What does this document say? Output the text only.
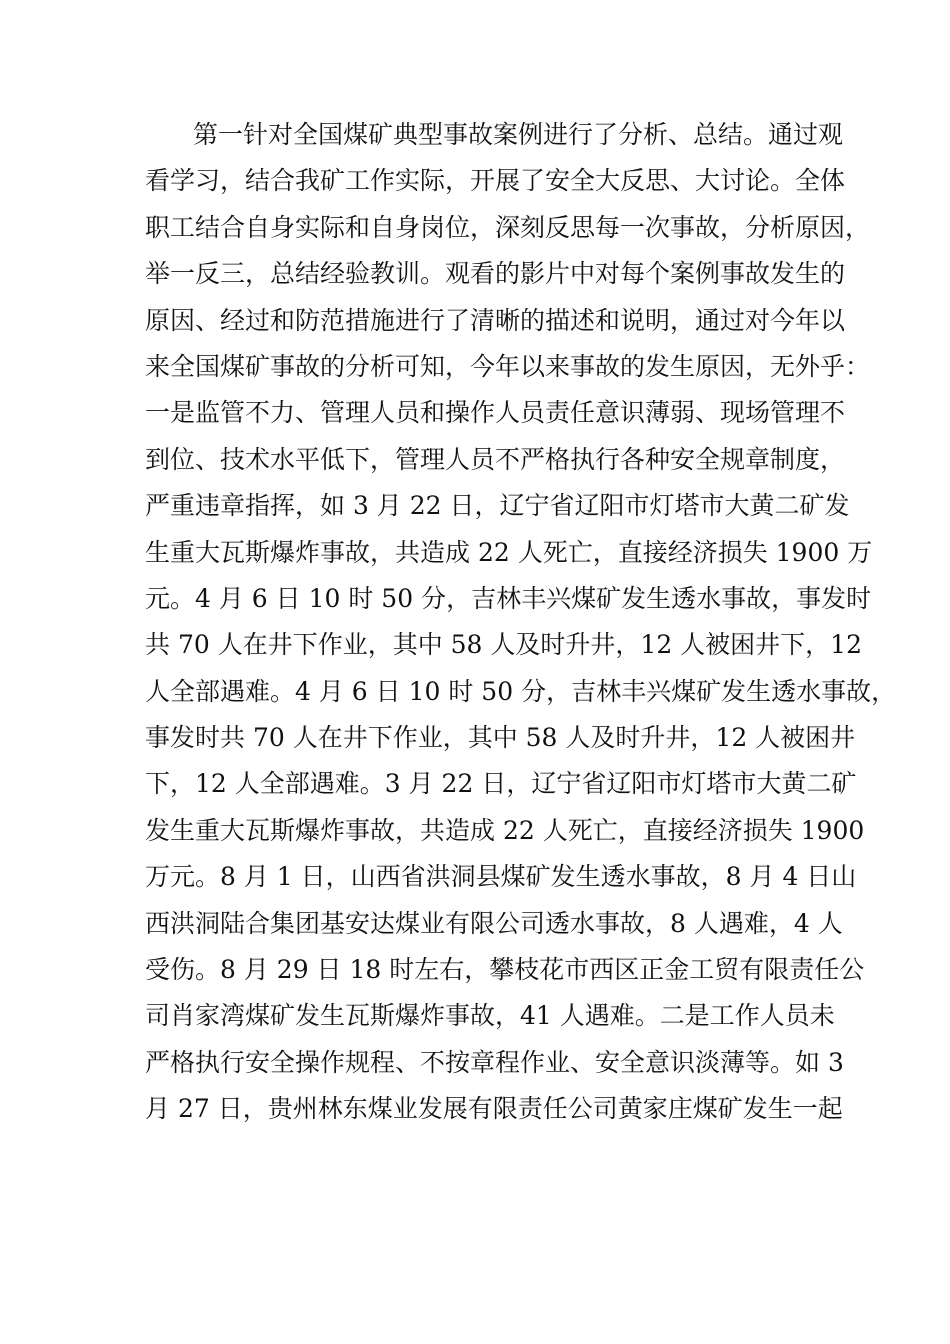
第一针对全国煤矿典型事故案例进行了分析、总结。通过观
看学习，结合我矿工作实际，开展了安全大反思、大讨论。全体
职工结合自身实际和自身岗位，深刻反思每一次事故，分析原因，
举一反三，总结经验教训。观看的影片中对每个案例事故发生的
原因、经过和防范措施进行了清晰的描述和说明，通过对今年以
来全国煤矿事故的分析可知，今年以来事故的发生原因，无外乎：
一是监管不力、管理人员和操作人员责任意识薄弱、现场管理不
到位、技术水平低下，管理人员不严格执行各种安全规章制度，
严重违章指挥，如 3 月 22 日，辽宁省辽阳市灯塔市大黄二矿发
生重大瓦斯爆炸事故，共造成 22 人死亡，直接经济损失 1900 万
元。4 月 6 日 10 时 50 分，吉林丰兴煤矿发生透水事故，事发时
共 70 人在井下作业，其中 58 人及时升井，12 人被困井下，12
人全部遇难。4 月 6 日 10 时 50 分，吉林丰兴煤矿发生透水事故，
事发时共 70 人在井下作业，其中 58 人及时升井，12 人被困井
下，12 人全部遇难。3 月 22 日，辽宁省辽阳市灯塔市大黄二矿
发生重大瓦斯爆炸事故，共造成 22 人死亡，直接经济损失 1900
万元。8 月 1 日，山西省洪洞县煤矿发生透水事故，8 月 4 日山
西洪洞陆合集团基安达煤业有限公司透水事故，8 人遇难，4 人
受伤。8 月 29 日 18 时左右，攀枝花市西区正金工贸有限责任公
司肖家湾煤矿发生瓦斯爆炸事故，41 人遇难。二是工作人员未
严格执行安全操作规程、不按章程作业、安全意识淡薄等。如 3
月 27 日，贵州林东煤业发展有限责任公司黄家庄煤矿发生一起
